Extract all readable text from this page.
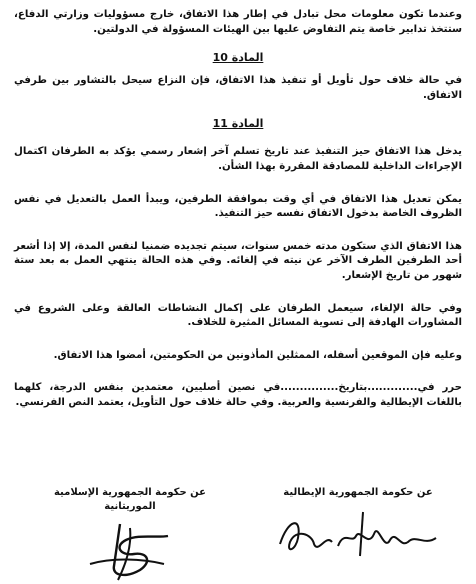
وعندما تكون معلومات محل تبادل في إطار هذا الاتفاق، خارج مسؤوليات وزارتي الدفاع، ستتخذ تدابير خاصة يتم التفاوض عليها بين الهيئات المسؤولة في الدولتين.

المادة 10

في حالة خلاف حول تأويل أو تنفيذ هذا الاتفاق، فإن النزاع سيحل بالتشاور بين طرفي الاتفاق.

المادة 11

يدخل هذا الاتفاق حيز التنفيذ عند تاريخ تسلم آخر إشعار رسمي يؤكد به الطرفان اكتمال الإجراءات الداخلية للمصادقة المقررة بهذا الشأن.

يمكن تعديل هذا الاتفاق في أي وقت بموافقة الطرفين، ويبدأ العمل بالتعديل في نفس الظروف الخاصة بدخول الاتفاق نفسه حيز التنفيذ.

هذا الاتفاق الذي ستكون مدته خمس سنوات، سيتم تجديده ضمنيا لنفس المدة، إلا إذا أشعر أحد الطرفين الطرف الآخر عن نيته في إلغائه. وفي هذه الحالة ينتهي العمل به بعد ستة شهور من تاريخ الإشعار.

وفي حالة الإلغاء، سيعمل الطرفان على إكمال النشاطات العالقة وعلى الشروع في المشاورات الهادفة إلى تسوية المسائل المثيرة للخلاف.

وعليه فإن الموقعين أسفله، الممثلين المأذونين من الحكومتين، أمضوا هذا الاتفاق.

حرر في.............بتاريخ...............في نصين أصليين، معتمدين بنفس الدرجة، كلهما باللغات الإيطالية والفرنسية والعربية. وفي حالة خلاف حول التأويل، يعتمد النص الفرنسي.

عن حكومة الجمهورية الإيطالية
عن حكومة الجمهورية الإسلامية الموريتانية
